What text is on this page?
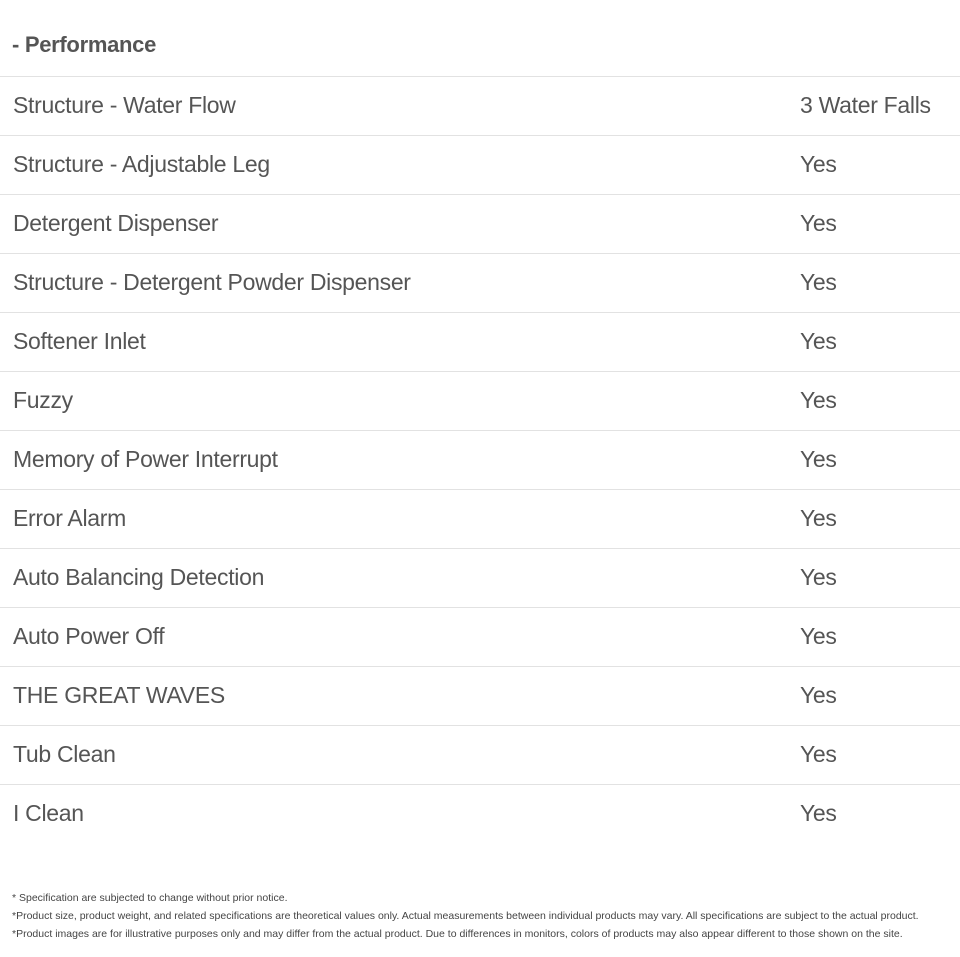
- Performance
Structure - Water Flow	3 Water Falls
Structure - Adjustable Leg	Yes
Detergent Dispenser	Yes
Structure - Detergent Powder Dispenser	Yes
Softener Inlet	Yes
Fuzzy	Yes
Memory of Power Interrupt	Yes
Error Alarm	Yes
Auto Balancing Detection	Yes
Auto Power Off	Yes
THE GREAT WAVES	Yes
Tub Clean	Yes
I Clean	Yes
* Specification are subjected to change without prior notice.
*Product size, product weight, and related specifications are theoretical values only. Actual measurements between individual products may vary. All specifications are subject to the actual product.
*Product images are for illustrative purposes only and may differ from the actual product. Due to differences in monitors, colors of products may also appear different to those shown on the site.
